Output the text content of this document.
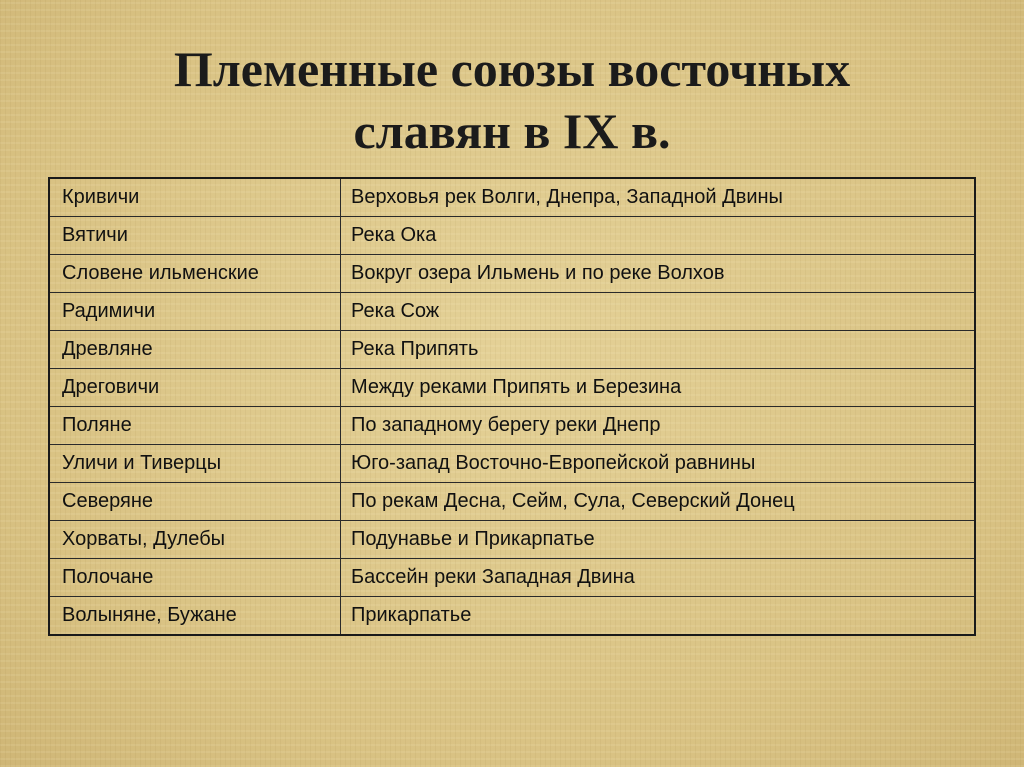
Племенные союзы восточных
славян в IX в.
Кривичи	Верховья рек Волги, Днепра, Западной Двины
Вятичи	Река Ока
Словене ильменские	Вокруг озера Ильмень и по реке Волхов
Радимичи	Река Сож
Древляне	Река Припять
Дреговичи	Между реками Припять и Березина
Поляне	По западному берегу реки Днепр
Уличи и Тиверцы	Юго-запад Восточно-Европейской равнины
Северяне	По рекам Десна, Сейм, Сула, Северский Донец
Хорваты, Дулебы	Подунавье и Прикарпатье
Полочане	Бассейн реки Западная Двина
Волыняне, Бужане	Прикарпатье
